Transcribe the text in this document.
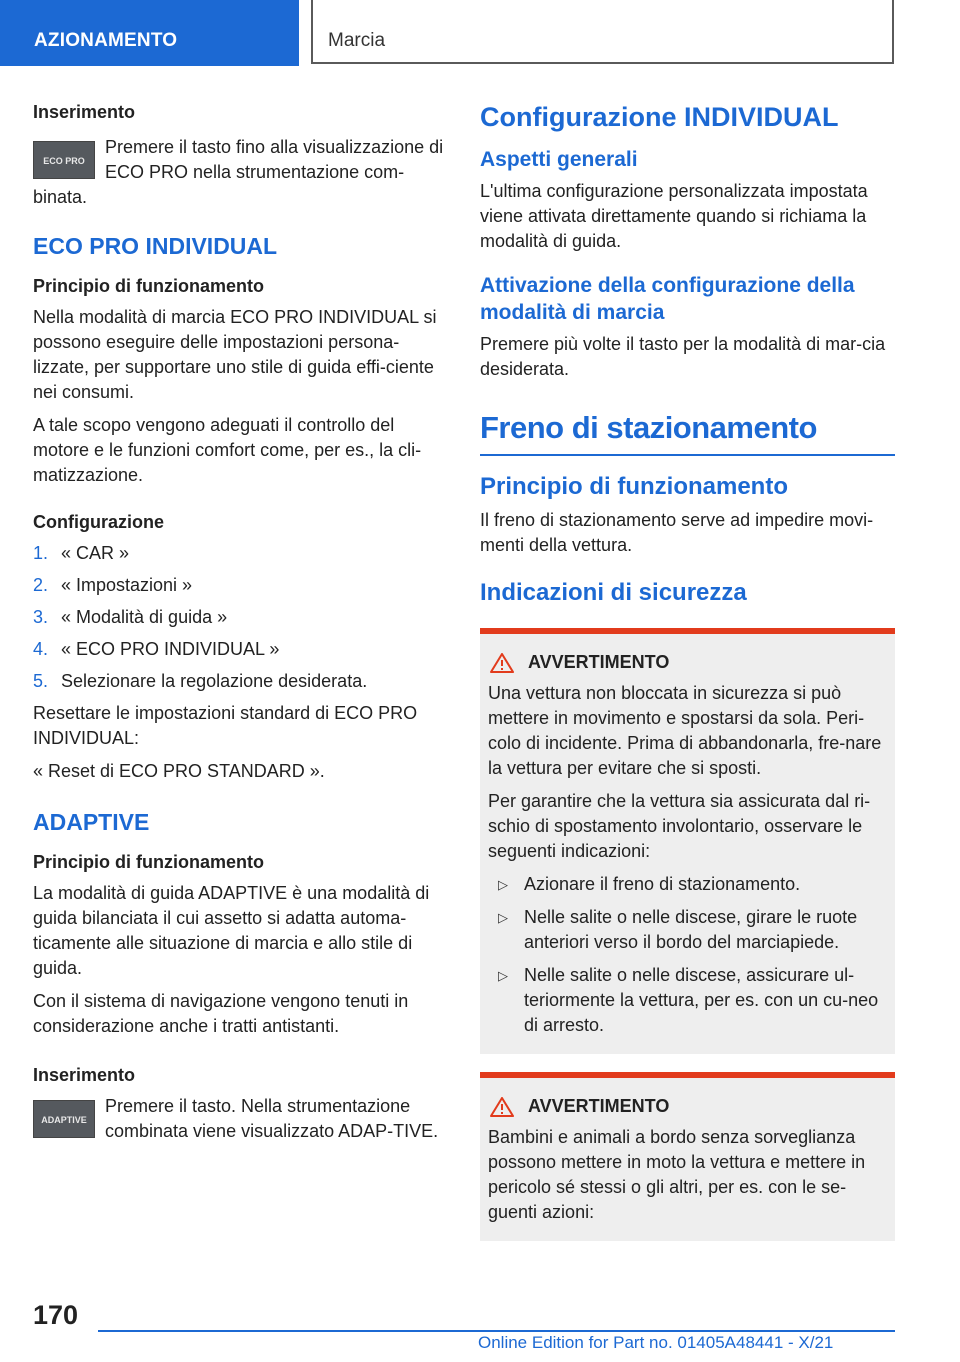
AZIONAMENTO	Marcia
Inserimento
ECO PRO
Premere il tasto fino alla visualizzazione di ECO PRO nella strumentazione com-binata.
ECO PRO INDIVIDUAL
Principio di funzionamento

Nella modalità di marcia ECO PRO INDIVIDUAL si possono eseguire delle impostazioni persona-lizzate, per supportare uno stile di guida effi-ciente nei consumi.

A tale scopo vengono adeguati il controllo del motore e le funzioni comfort come, per es., la cli-matizzazione.

Configurazione
1. « CAR »
2. « Impostazioni »
3. « Modalità di guida »
4. « ECO PRO INDIVIDUAL »
5. Selezionare la regolazione desiderata.

Resettare le impostazioni standard di ECO PRO INDIVIDUAL:

« Reset di ECO PRO STANDARD ».

ADAPTIVE
Principio di funzionamento

La modalità di guida ADAPTIVE è una modalità di guida bilanciata il cui assetto si adatta automa-ticamente alle situazione di marcia e allo stile di guida.

Con il sistema di navigazione vengono tenuti in considerazione anche i tratti antistanti.

Inserimento
ADAPTIVE
Premere il tasto. Nella strumentazione combinata viene visualizzato ADAP-TIVE.
Configurazione INDIVIDUAL
Aspetti generali

L'ultima configurazione personalizzata impostata viene attivata direttamente quando si richiama la modalità di guida.

Attivazione della configurazione della modalità di marcia

Premere più volte il tasto per la modalità di mar-cia desiderata.

Freno di stazionamento
Principio di funzionamento

Il freno di stazionamento serve ad impedire movi-menti della vettura.

Indicazioni di sicurezza
AVVERTIMENTO

Una vettura non bloccata in sicurezza si può mettere in movimento e spostarsi da sola. Peri-colo di incidente. Prima di abbandonarla, fre-nare la vettura per evitare che si sposti.

Per garantire che la vettura sia assicurata dal ri-schio di spostamento involontario, osservare le seguenti indicazioni:

▷ Azionare il freno di stazionamento.
▷ Nelle salite o nelle discese, girare le ruote anteriori verso il bordo del marciapiede.
▷ Nelle salite o nelle discese, assicurare ul-teriormente la vettura, per es. con un cu-neo di arresto.
AVVERTIMENTO

Bambini e animali a bordo senza sorveglianza possono mettere in moto la vettura e mettere in pericolo sé stessi o gli altri, per es. con le se-guenti azioni:

170
Online Edition for Part no. 01405A48441 - X/21
